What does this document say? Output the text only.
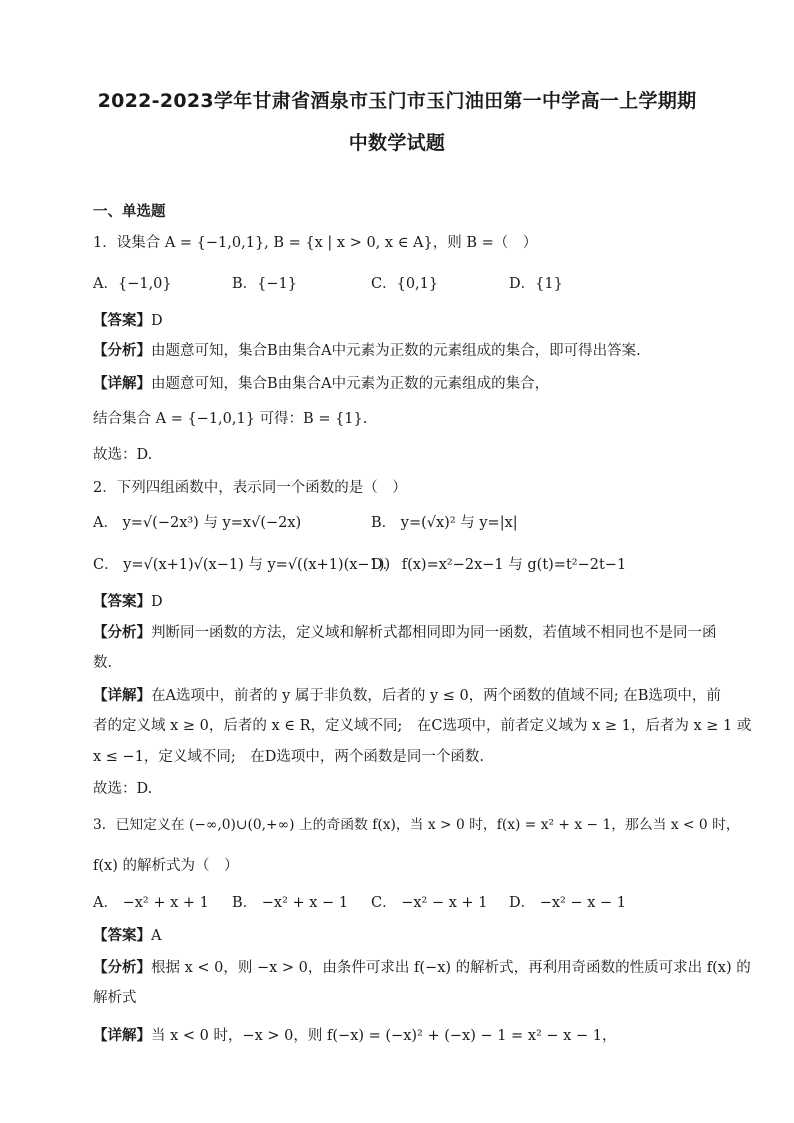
2022-2023学年甘肃省酒泉市玉门市玉门油田第一中学高一上学期期
中数学试题
一、单选题
1．设集合 A = {−1,0,1}, B = {x | x > 0, x ∈ A}，则 B =（　）
A．{−1,0}	B．{−1}	C．{0,1}	D．{1}
【答案】D
【分析】由题意可知，集合B由集合A中元素为正数的元素组成的集合，即可得出答案.
【详解】由题意可知，集合B由集合A中元素为正数的元素组成的集合，
结合集合 A = {−1,0,1} 可得：B = {1}.
故选：D.
2．下列四组函数中，表示同一个函数的是（　）
A． y=√(−2x³) 与 y=x√(−2x)	B． y=(√x)² 与 y=|x|
C． y=√(x+1)√(x−1) 与 y=√((x+1)(x−1))
D． f(x)=x²−2x−1 与 g(t)=t²−2t−1
【答案】D
【分析】判断同一函数的方法，定义域和解析式都相同即为同一函数，若值域不相同也不是同一函
数.
【详解】在A选项中，前者的 y 属于非负数，后者的 y ≤ 0，两个函数的值域不同; 在B选项中，前
者的定义域 x ≥ 0，后者的 x ∈ R，定义域不同;　在C选项中，前者定义域为 x ≥ 1，后者为 x ≥ 1 或
x ≤ −1，定义域不同;　在D选项中，两个函数是同一个函数.
故选：D.
3．已知定义在 (−∞,0)∪(0,+∞) 上的奇函数 f(x)，当 x > 0 时，f(x) = x² + x − 1，那么当 x < 0 时，
f(x) 的解析式为（　）
A． −x² + x + 1 B． −x² + x − 1 C． −x² − x + 1 D． −x² − x − 1
【答案】A
【分析】根据 x < 0，则 −x > 0，由条件可求出 f(−x) 的解析式，再利用奇函数的性质可求出 f(x) 的
解析式
【详解】当 x < 0 时，−x > 0，则 f(−x) = (−x)² + (−x) − 1 = x² − x − 1，
